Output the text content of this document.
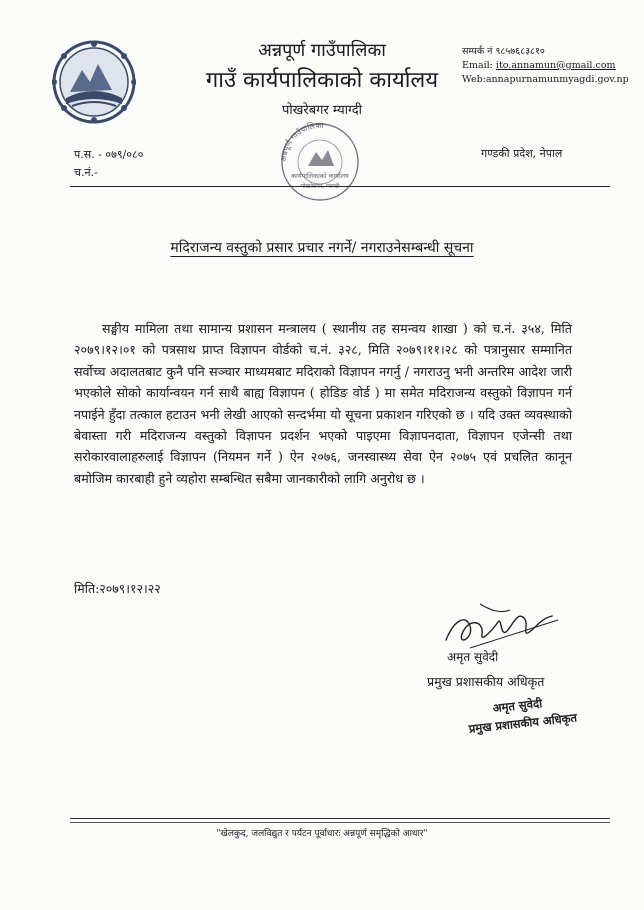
अन्नपूर्ण गाउँपालिका
गाउँ कार्यपालिकाको कार्यालय
पोखरेबगर म्याग्दी
सम्पर्क नं ९८५७६८३८१०
Email: ito.annamun@gmail.com
Web:annapurnamunmyagdi.gov.np
अन्नपूर्ण गाउँपालिका
कार्यपालिकाको कार्यालय
पोखरेबगर, म्याग्दी
प.स. - ०७९/०८०
च.नं.-
गण्डकी प्रदेश, नेपाल
मदिराजन्य वस्तुको प्रसार प्रचार नगर्ने/ नगराउनेसम्बन्धी सूचना

सङ्घीय मामिला तथा सामान्य प्रशासन मन्त्रालय ( स्थानीय तह समन्वय शाखा ) को च.नं. ३५४, मिति २०७९।१२।०१ को पत्रसाथ प्राप्त विज्ञापन वोर्डको च.नं. ३२८, मिति २०७९।११।२८ को पत्रानुसार सम्मानित सर्वोच्च अदालतबाट कुनै पनि सञ्चार माध्यमबाट मदिराको विज्ञापन नगर्नु / नगराउनु भनी अन्तरिम आदेश जारी भएकोले सोको कार्यान्वयन गर्न साथै बाह्य विज्ञापन ( होडिङ वोर्ड ) मा समेत मदिराजन्य वस्तुको विज्ञापन गर्न नपाईने हुँदा तत्काल हटाउन भनी लेखी आएको सन्दर्भमा यो सूचना प्रकाशन गरिएको छ । यदि उक्त व्यवस्थाको बेवास्ता गरी मदिराजन्य वस्तुको विज्ञापन प्रदर्शन भएको पाइएमा विज्ञापनदाता, विज्ञापन एजेन्सी तथा सरोकारवालाहरुलाई विज्ञापन (नियमन गर्ने ) ऐन २०७६, जनस्वास्थ्य सेवा ऐन २०७५ एवं प्रचलित कानून बमोजिम कारबाही हुने व्यहोरा सम्बन्धित सबैमा जानकारीको लागि अनुरोध छ ।

मिति:२०७९।१२।२२
अमृत सुवेदी
प्रमुख प्रशासकीय अधिकृत
अमृत सुवेदी
प्रमुख प्रशासकीय अधिकृत
"खेलकुद, जलविद्युत र पर्यटन पूर्वाधारः अन्नपूर्ण समृद्धिको आधार"
